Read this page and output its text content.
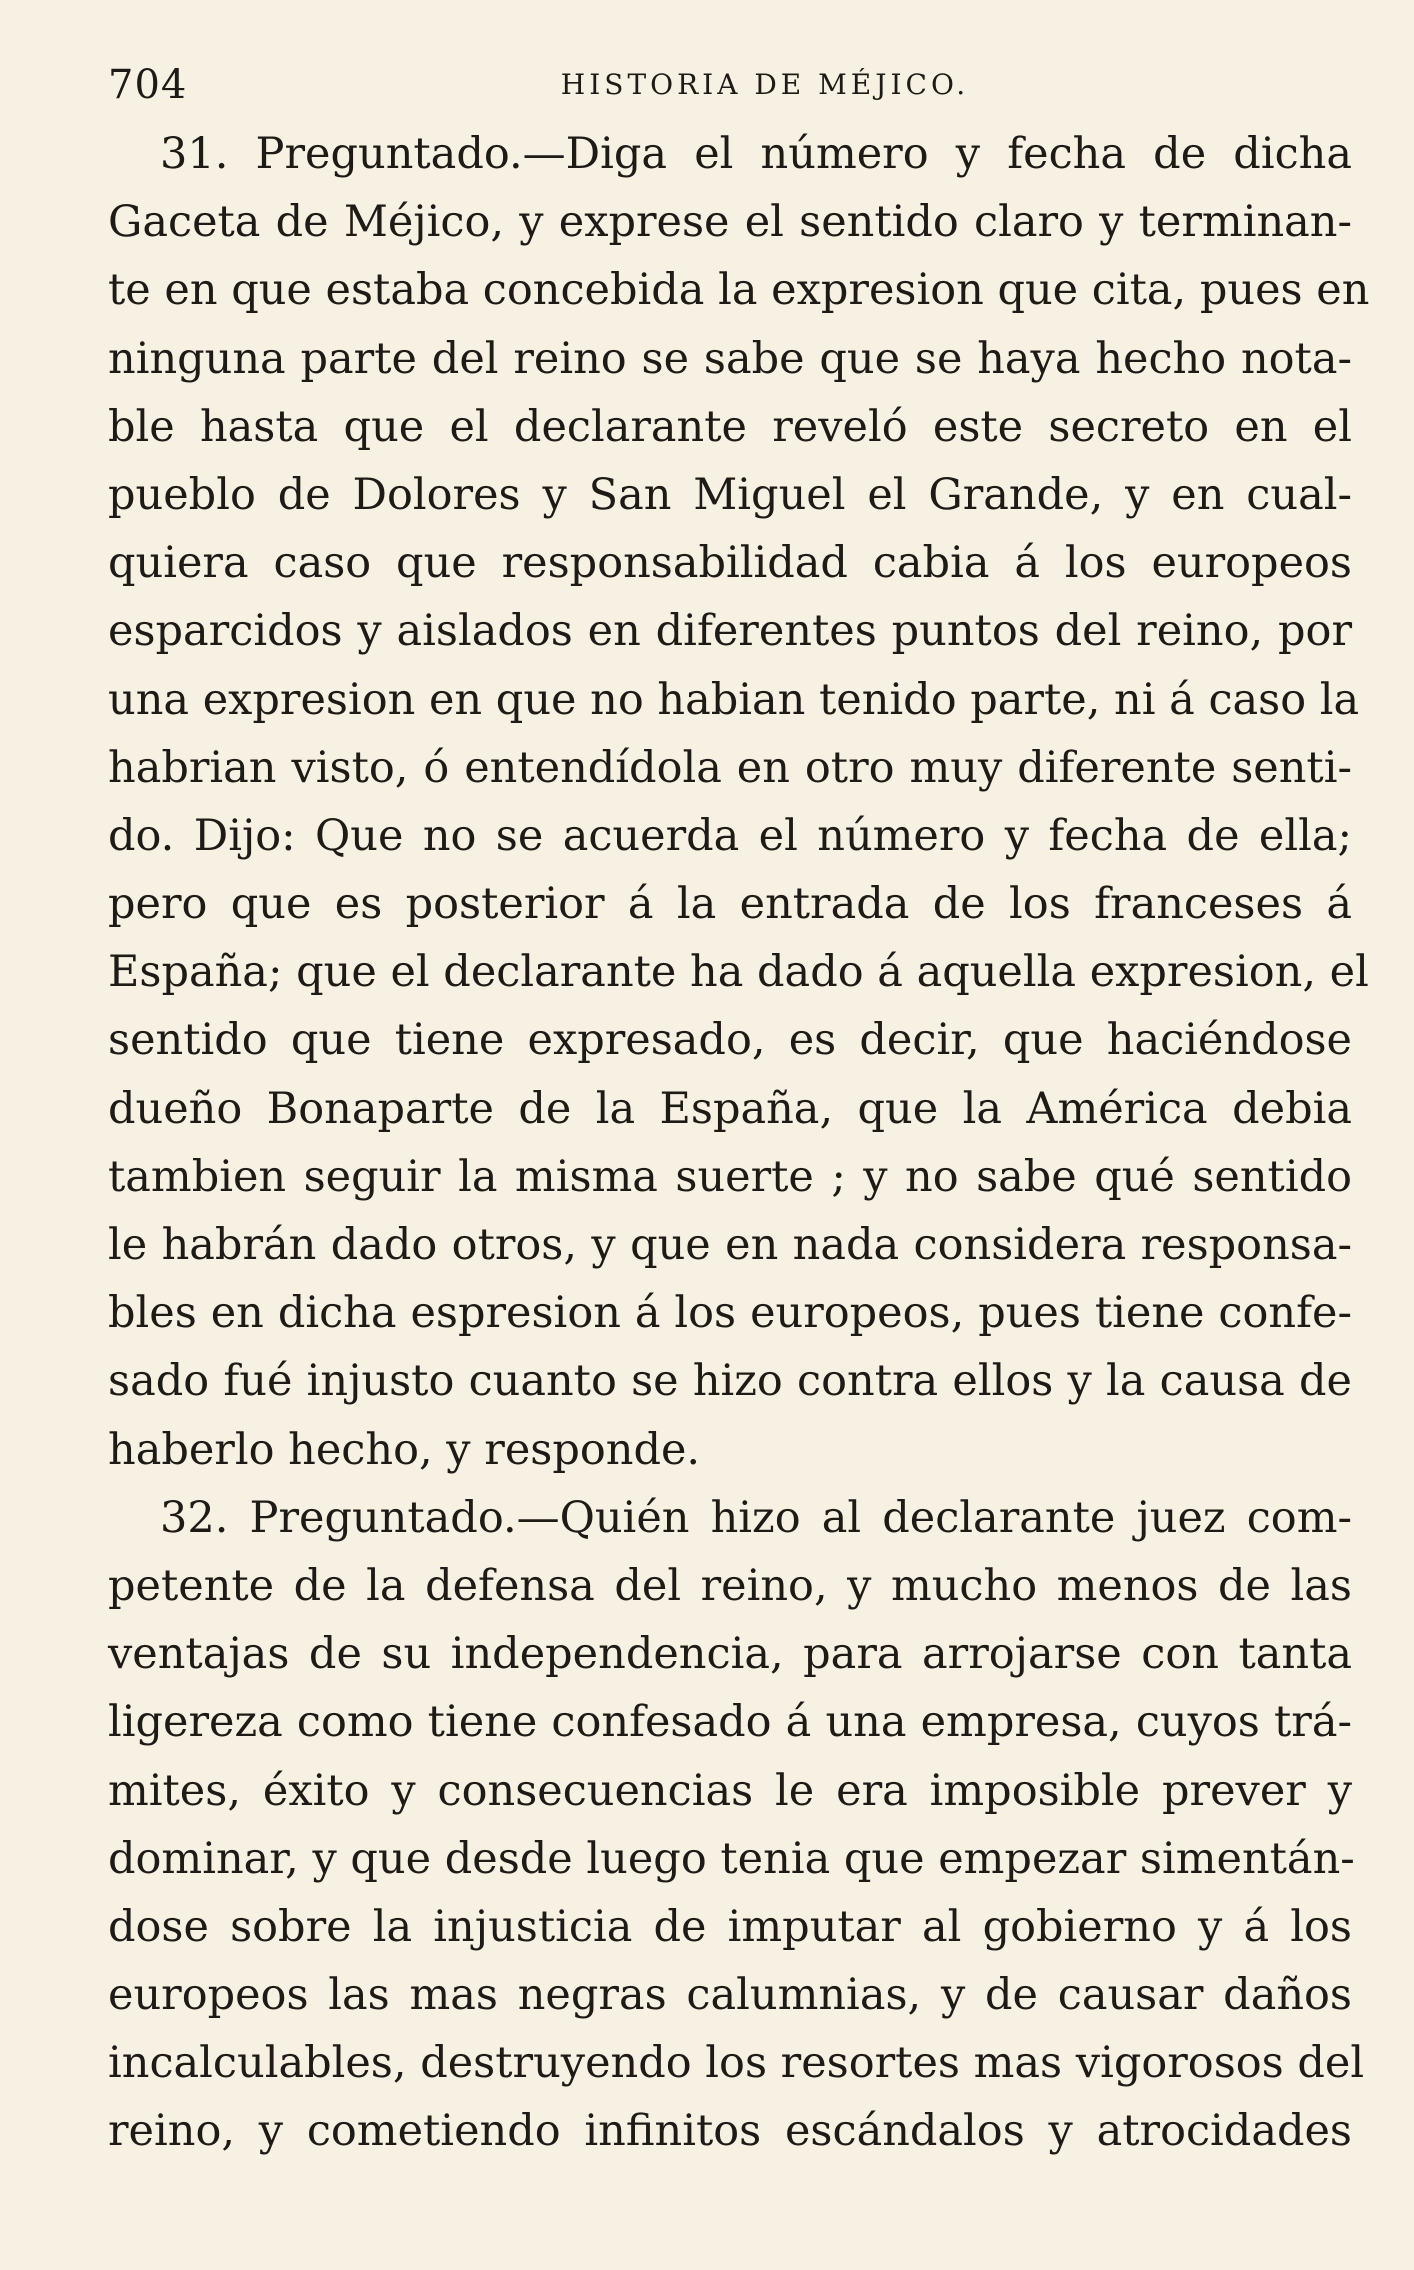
704	HISTORIA DE MÉJICO.
31. Preguntado.—Diga el número y fecha de dicha
Gaceta de Méjico, y exprese el sentido claro y terminan-
te en que estaba concebida la expresion que cita, pues en
ninguna parte del reino se sabe que se haya hecho nota-
ble hasta que el declarante reveló este secreto en el
pueblo de Dolores y San Miguel el Grande, y en cual-
quiera caso que responsabilidad cabia á los europeos
esparcidos y aislados en diferentes puntos del reino, por
una expresion en que no habian tenido parte, ni á caso la
habrian visto, ó entendídola en otro muy diferente senti-
do. Dijo: Que no se acuerda el número y fecha de ella;
pero que es posterior á la entrada de los franceses á
España; que el declarante ha dado á aquella expresion, el
sentido que tiene expresado, es decir, que haciéndose
dueño Bonaparte de la España, que la América debia
tambien seguir la misma suerte ; y no sabe qué sentido
le habrán dado otros, y que en nada considera responsa-
bles en dicha espresion á los europeos, pues tiene confe-
sado fué injusto cuanto se hizo contra ellos y la causa de
haberlo hecho, y responde.
32. Preguntado.—Quién hizo al declarante juez com-
petente de la defensa del reino, y mucho menos de las
ventajas de su independencia, para arrojarse con tanta
ligereza como tiene confesado á una empresa, cuyos trá-
mites, éxito y consecuencias le era imposible prever y
dominar, y que desde luego tenia que empezar simentán-
dose sobre la injusticia de imputar al gobierno y á los
europeos las mas negras calumnias, y de causar daños
incalculables, destruyendo los resortes mas vigorosos del
reino, y cometiendo infinitos escándalos y atrocidades
